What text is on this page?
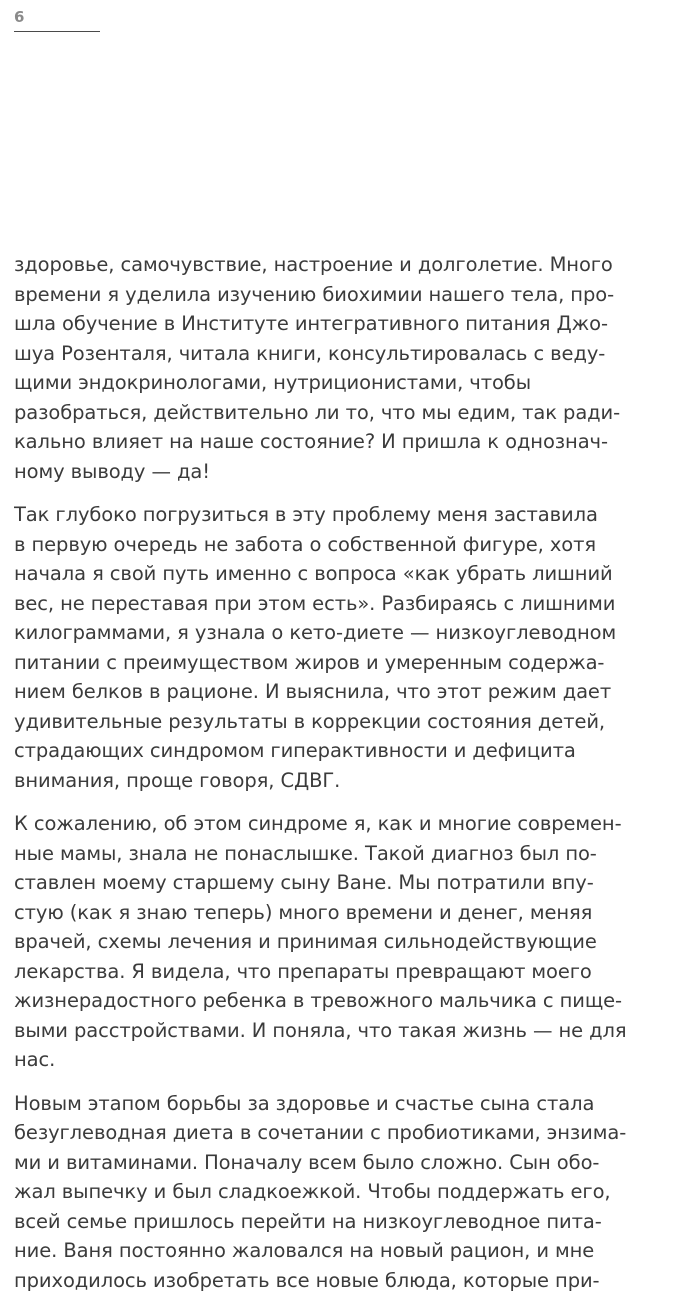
6

здоровье, самочувствие, настроение и долголетие. Много
времени я уделила изучению биохимии нашего тела, про-
шла обучение в Институте интегративного питания Джо-
шуа Розенталя, читала книги, консультировалась с веду-
щими эндокринологами, нутриционистами, чтобы
разобраться, действительно ли то, что мы едим, так ради-
кально влияет на наше состояние? И пришла к однознач-
ному выводу — да!

Так глубоко погрузиться в эту проблему меня заставила
в первую очередь не забота о собственной фигуре, хотя
начала я свой путь именно с вопроса «как убрать лишний
вес, не переставая при этом есть». Разбираясь с лишними
килограммами, я узнала о кето-диете — низкоуглеводном
питании с преимуществом жиров и умеренным содержа-
нием белков в рационе. И выяснила, что этот режим дает
удивительные результаты в коррекции состояния детей,
страдающих синдромом гиперактивности и дефицита
внимания, проще говоря, СДВГ.

К сожалению, об этом синдроме я, как и многие современ-
ные мамы, знала не понаслышке. Такой диагноз был по-
ставлен моему старшему сыну Ване. Мы потратили впу-
стую (как я знаю теперь) много времени и денег, меняя
врачей, схемы лечения и принимая сильнодействующие
лекарства. Я видела, что препараты превращают моего
жизнерадостного ребенка в тревожного мальчика с пище-
выми расстройствами. И поняла, что такая жизнь — не для
нас.

Новым этапом борьбы за здоровье и счастье сына стала
безуглеводная диета в сочетании с пробиотиками, энзима-
ми и витаминами. Поначалу всем было сложно. Сын обо-
жал выпечку и был сладкоежкой. Чтобы поддержать его,
всей семье пришлось перейти на низкоуглеводное пита-
ние. Ваня постоянно жаловался на новый рацион, и мне
приходилось изобретать все новые блюда, которые при-
